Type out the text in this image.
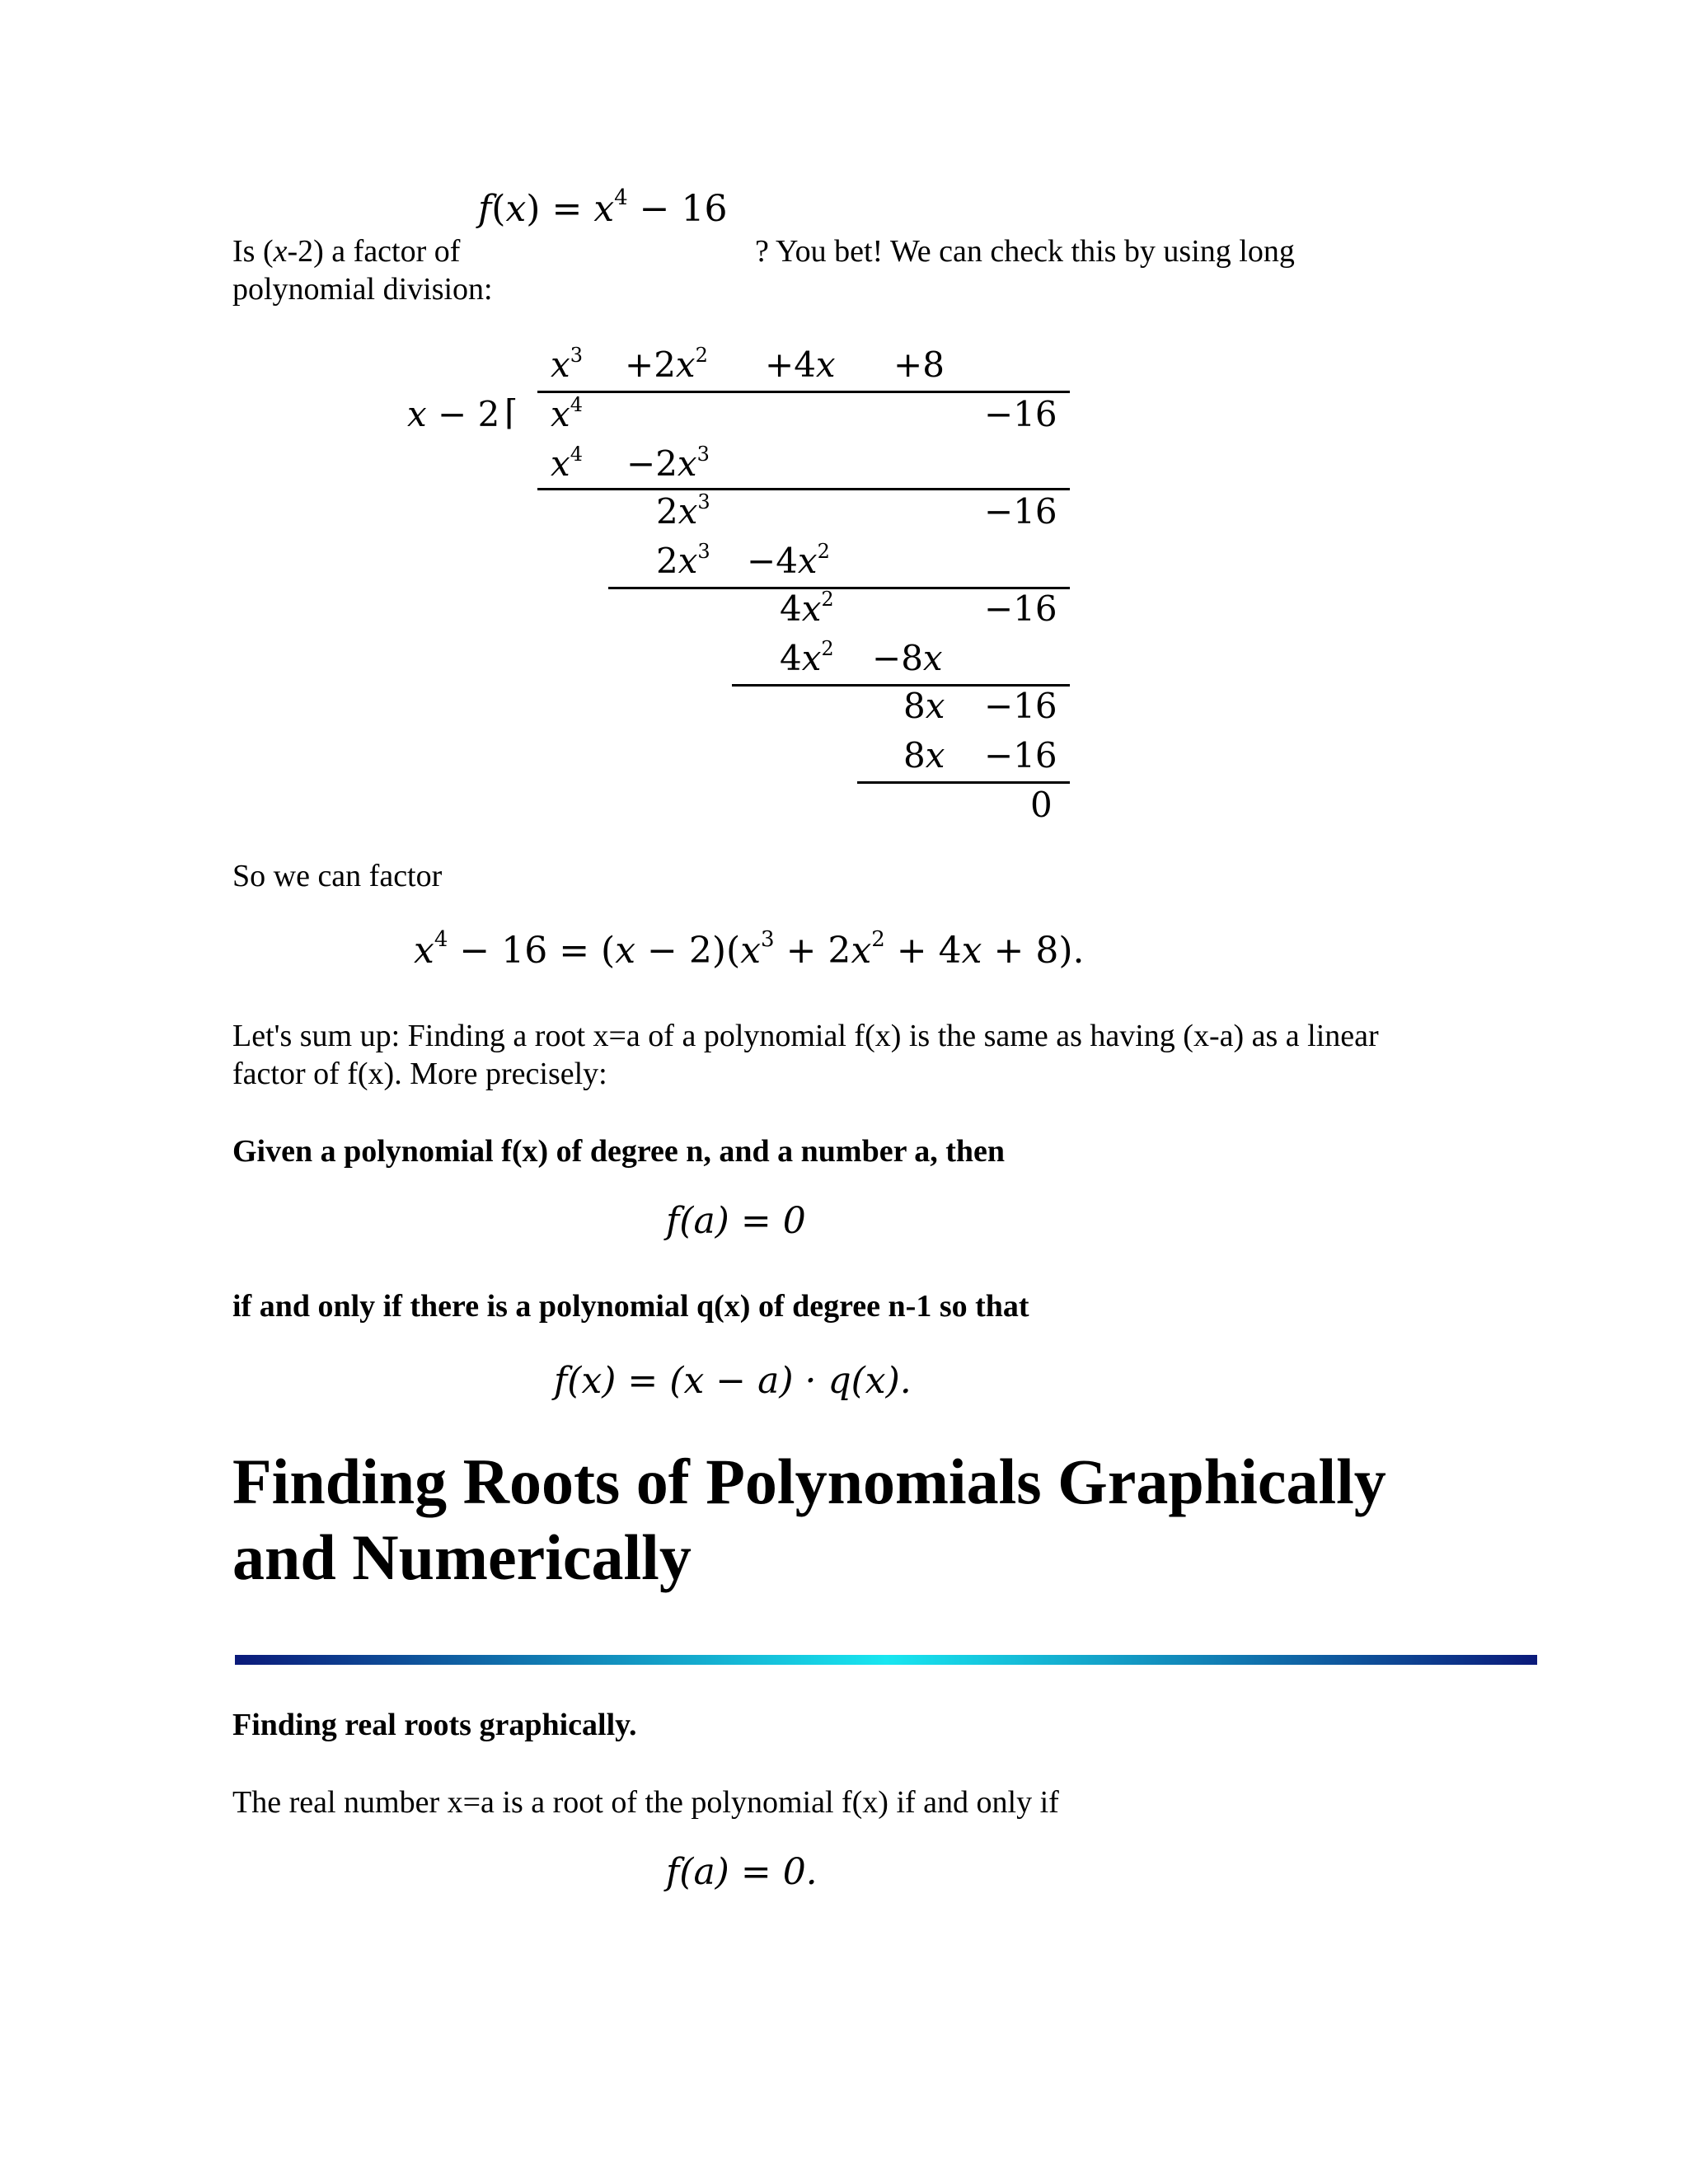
$f(x) = x^4 - 16$
Is (x-2) a factor of	? You bet! We can check this by using long
polynomial division:
$x^3 +2x^2 +4x +8$
x − 2 ⌈ $x^4$	−16
$x^4 -2x^3$
$2x^3$	−16
$2x^3 -4x^2$
$4x^2$	−16
$4x^2 -8x$
8x −16
8x −16
0
So we can factor
$x^4 - 16 = (x - 2)(x^3 + 2x^2 + 4x + 8)$.
Let's sum up: Finding a root x=a of a polynomial f(x) is the same as having (x-a) as a linear
factor of f(x). More precisely:
Given a polynomial f(x) of degree n, and a number a, then
f(a) = 0
if and only if there is a polynomial q(x) of degree n-1 so that
f(x) = (x − a) · q(x).
Finding Roots of Polynomials Graphically
and Numerically
Finding real roots graphically.
The real number x=a is a root of the polynomial f(x) if and only if
f(a) = 0.
